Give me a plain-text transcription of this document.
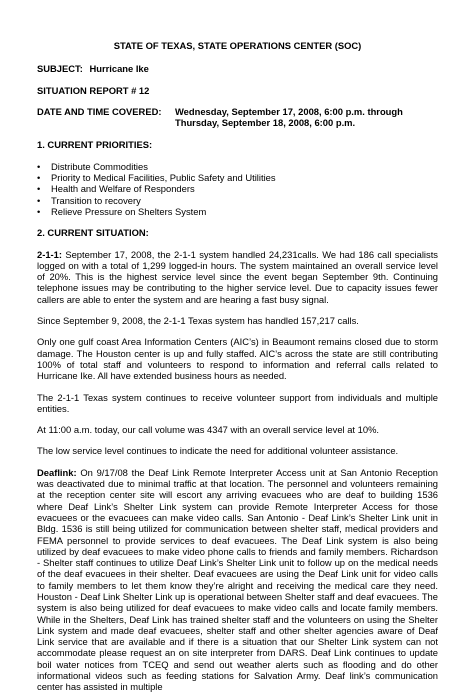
STATE OF TEXAS, STATE OPERATIONS CENTER (SOC)
SUBJECT: Hurricane Ike
SITUATION REPORT # 12
DATE AND TIME COVERED:	Wednesday, September 17, 2008, 6:00 p.m. through
Thursday, September 18, 2008, 6:00 p.m.
1. CURRENT PRIORITIES:
•	Distribute Commodities
•	Priority to Medical Facilities, Public Safety and Utilities
•	Health and Welfare of Responders
•	Transition to recovery
•	Relieve Pressure on Shelters System
2. CURRENT SITUATION:

2-1-1: September 17, 2008, the 2-1-1 system handled 24,231calls. We had 186 call specialists logged on with a total of 1,299 logged-in hours. The system maintained an overall service level of 20%. This is the highest service level since the event began September 9th. Continuing telephone issues may be contributing to the higher service level. Due to capacity issues fewer callers are able to enter the system and are hearing a fast busy signal.

Since September 9, 2008, the 2-1-1 Texas system has handled 157,217 calls.

Only one gulf coast Area Information Centers (AIC’s) in Beaumont remains closed due to storm damage. The Houston center is up and fully staffed. AIC’s across the state are still contributing 100% of total staff and volunteers to respond to information and referral calls related to Hurricane Ike. All have extended business hours as needed.

The 2-1-1 Texas system continues to receive volunteer support from individuals and multiple entities.

At 11:00 a.m. today, our call volume was 4347 with an overall service level at 10%.

The low service level continues to indicate the need for additional volunteer assistance.

Deaflink: On 9/17/08 the Deaf Link Remote Interpreter Access unit at San Antonio Reception was deactivated due to minimal traffic at that location. The personnel and volunteers remaining at the reception center site will escort any arriving evacuees who are deaf to building 1536 where Deaf Link’s Shelter Link system can provide Remote Interpreter Access for those evacuees or the evacuees can make video calls. San Antonio - Deaf Link’s Shelter Link unit in Bldg. 1536 is still being utilized for communication between shelter staff, medical providers and FEMA personnel to provide services to deaf evacuees. The Deaf Link system is also being utilized by deaf evacuees to make video phone calls to friends and family members. Richardson - Shelter staff continues to utilize Deaf Link’s Shelter Link unit to follow up on the medical needs of the deaf evacuees in their shelter. Deaf evacuees are using the Deaf Link unit for video calls to family members to let them know they’re alright and receiving the medical care they need. Houston - Deaf Link Shelter Link up is operational between Shelter staff and deaf evacuees. The system is also being utilized for deaf evacuees to make video calls and locate family members. While in the Shelters, Deaf Link has trained shelter staff and the volunteers on using the Shelter Link system and made deaf evacuees, shelter staff and other shelter agencies aware of Deaf Link service that are available and if there is a situation that our Shelter Link system can not accommodate please request an on site interpreter from DARS. Deaf Link continues to update boil water notices from TCEQ and send out weather alerts such as flooding and do other informational videos such as feeding stations for Salvation Army. Deaf link’s communication center has assisted in multiple
